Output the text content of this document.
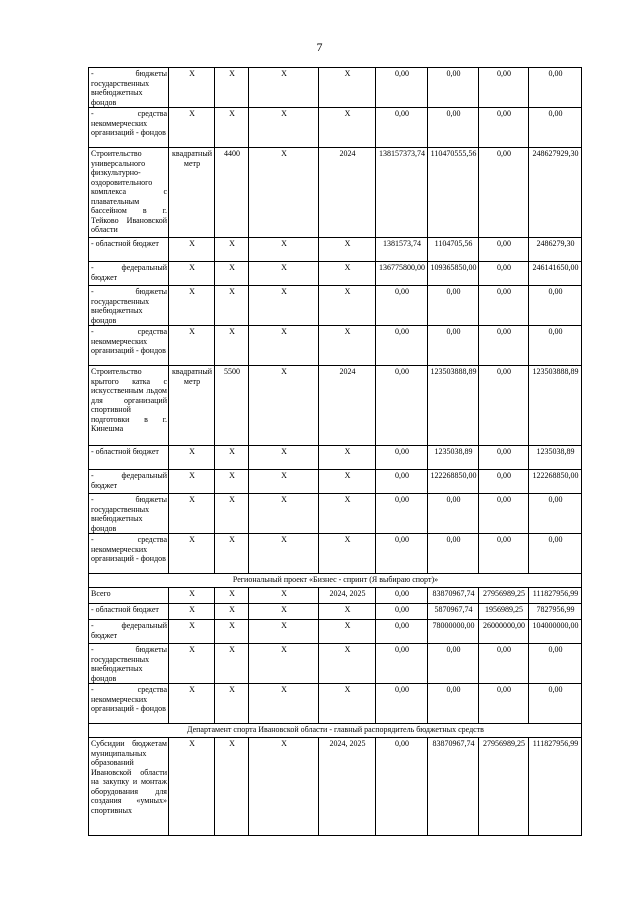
7
- бюджеты государственных внебюджетных фондов	X	X	X	X	0,00	0,00	0,00	0,00
- средства некоммерческих организаций - фондов	X	X	X	X	0,00	0,00	0,00	0,00
Строительство универсального физкультурно-оздоровительного комплекса с плавательным бассейном в г. Тейково Ивановской области	квадратный метр	4400	X	2024	138157373,74	110470555,56	0,00	248627929,30
- областной бюджет	X	X	X	X	1381573,74	1104705,56	0,00	2486279,30
- федеральный бюджет	X	X	X	X	136775800,00	109365850,00	0,00	246141650,00
- бюджеты государственных внебюджетных фондов	X	X	X	X	0,00	0,00	0,00	0,00
- средства некоммерческих организаций - фондов	X	X	X	X	0,00	0,00	0,00	0,00
Строительство крытого катка с искусственным льдом для организаций спортивной подготовки в г. Кинешма	квадратный метр	5500	X	2024	0,00	123503888,89	0,00	123503888,89
- областной бюджет	X	X	X	X	0,00	1235038,89	0,00	1235038,89
- федеральный бюджет	X	X	X	X	0,00	122268850,00	0,00	122268850,00
- бюджеты государственных внебюджетных фондов	X	X	X	X	0,00	0,00	0,00	0,00
- средства некоммерческих организаций - фондов	X	X	X	X	0,00	0,00	0,00	0,00
Региональный проект «Бизнес - спринт (Я выбираю спорт)»								
Всего	X	X	X	2024, 2025	0,00	83870967,74	27956989,25	111827956,99
- областной бюджет	X	X	X	X	0,00	5870967,74	1956989,25	7827956,99
- федеральный бюджет	X	X	X	X	0,00	78000000,00	26000000,00	104000000,00
- бюджеты государственных внебюджетных фондов	X	X	X	X	0,00	0,00	0,00	0,00
- средства некоммерческих организаций - фондов	X	X	X	X	0,00	0,00	0,00	0,00
Департамент спорта Ивановской области - главный распорядитель бюджетных средств								
Субсидии бюджетам муниципальных образований Ивановской области на закупку и монтаж оборудования для создания «умных» спортивных	X	X	X	2024, 2025	0,00	83870967,74	27956989,25	111827956,99
